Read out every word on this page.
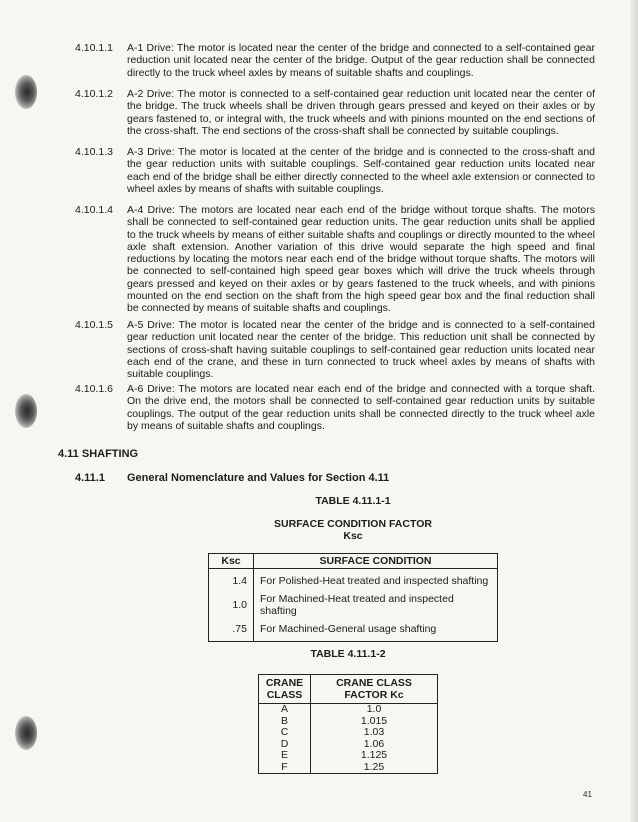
4.10.1.1	A-1 Drive: The motor is located near the center of the bridge and connected to a self-contained gear reduction unit located near the center of the bridge. Output of the gear reduction shall be connected directly to the truck wheel axles by means of suitable shafts and couplings.
4.10.1.2	A-2 Drive: The motor is connected to a self-contained gear reduction unit located near the center of the bridge. The truck wheels shall be driven through gears pressed and keyed on their axles or by gears fastened to, or integral with, the truck wheels and with pinions mounted on the end sections of the cross-shaft. The end sections of the cross-shaft shall be connected by suitable couplings.
4.10.1.3	A-3 Drive: The motor is located at the center of the bridge and is connected to the cross-shaft and the gear reduction units with suitable couplings. Self-contained gear reduction units located near each end of the bridge shall be either directly connected to the wheel axle extension or connected to wheel axles by means of shafts with suitable couplings.
4.10.1.4	A-4 Drive: The motors are located near each end of the bridge without torque shafts. The motors shall be connected to self-contained gear reduction units. The gear reduction units shall be applied to the truck wheels by means of either suitable shafts and couplings or directly mounted to the wheel axle shaft extension. Another variation of this drive would separate the high speed and final reductions by locating the motors near each end of the bridge without torque shafts. The motors will be connected to self-contained high speed gear boxes which will drive the truck wheels through gears pressed and keyed on their axles or by gears fastened to the truck wheels, and with pinions mounted on the end section on the shaft from the high speed gear box and the final reduction shall be connected by means of suitable shafts and couplings.
4.10.1.5	A-5 Drive: The motor is located near the center of the bridge and is connected to a self-contained gear reduction unit located near the center of the bridge. This reduction unit shall be connected by sections of cross-shaft having suitable couplings to self-contained gear reduction units located near each end of the crane, and these in turn connected to truck wheel axles by means of shafts with suitable couplings.
4.10.1.6	A-6 Drive: The motors are located near each end of the bridge and connected with a torque shaft. On the drive end, the motors shall be connected to self-contained gear reduction units by suitable couplings. The output of the gear reduction units shall be connected directly to the truck wheel axle by means of suitable shafts and couplings.
4.11 SHAFTING
4.11.1 General Nomenclature and Values for Section 4.11
TABLE 4.11.1-1
SURFACE CONDITION FACTOR
Ksc
Ksc	SURFACE CONDITION
1.4	For Polished-Heat treated and inspected shafting
1.0	For Machined-Heat treated and inspected shafting
.75	For Machined-General usage shafting
TABLE 4.11.1-2
CRANE CLASS	CRANE CLASS FACTOR Kc
A	1.0
B	1.015
C	1.03
D	1.06
E	1.125
F	1.25
41
